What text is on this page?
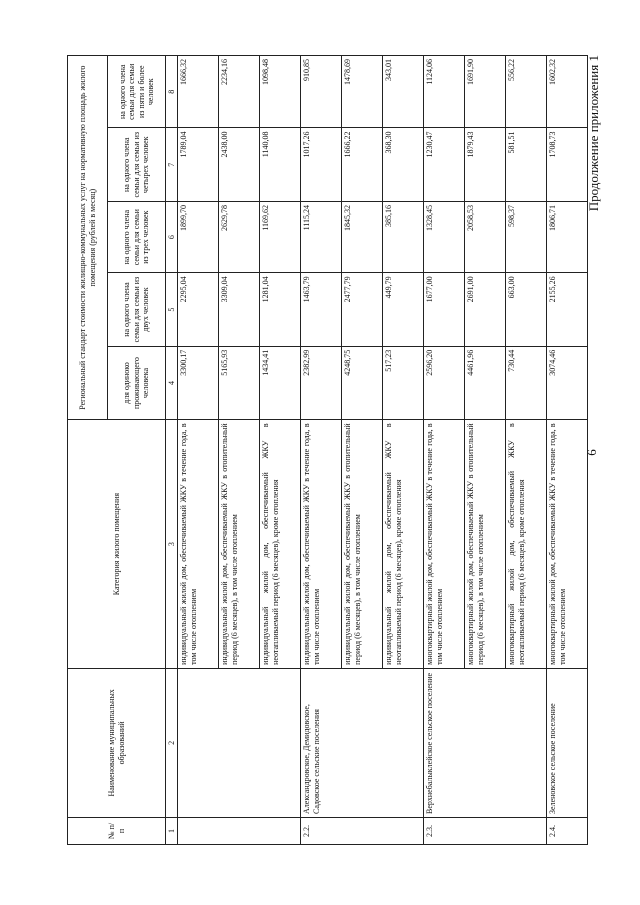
6
Продолжение приложения 1
№ п/п	Наименование муниципальных образований	Категория жилого помещения	Региональный стандарт стоимости жилищно-коммунальных услуг на нормативную площадь жилого помещения (рублей в месяц)				
			для одиноко проживающего человека	на одного члена семьи для семьи из двух человек	на одного члена семьи для семьи из трех человек	на одного члена семьи для семьи из четырех человек	на одного члена семьи для семьи из пяти и более человек
1	2	3	4	5	6	7	8
		индивидуальный жилой дом, обеспечиваемый ЖКУ в течение года, в том числе отоплением	3300,17	2295,04	1899,70	1789,04	1666,32
		индивидуальный жилой дом, обеспечиваемый ЖКУ в отопительный период (6 месяцев), в том числе отоплением	5165,93	3309,04	2629,78	2438,00	2234,16
		индивидуальный жилой дом, обеспечиваемый ЖКУ в неотапливаемый период (6 месяцев), кроме отопления	1434,41	1281,04	1169,62	1140,08	1098,48
2.2.	Александровское, Демидовское, Садовское сельские поселения	индивидуальный жилой дом, обеспечиваемый ЖКУ в течение года, в том числе отоплением	2382,99	1463,79	1115,24	1017,26	910,85
		индивидуальный жилой дом, обеспечиваемый ЖКУ в отопительный период (6 месяцев), в том числе отоплением	4248,75	2477,79	1845,32	1666,22	1478,69
		индивидуальный жилой дом, обеспечиваемый ЖКУ в неотапливаемый период (6 месяцев), кроме отопления	517,23	449,79	385,16	368,30	343,01
2.3.	Верхнебалыклейское сельское поселение	многоквартирный жилой дом, обеспечиваемый ЖКУ в течение года, в том числе отоплением	2596,20	1677,00	1328,45	1230,47	1124,06
		многоквартирный жилой дом, обеспечиваемый ЖКУ в отопительный период (6 месяцев), в том числе отоплением	4461,96	2691,00	2058,53	1879,43	1691,90
		многоквартирный жилой дом, обеспечиваемый ЖКУ в неотапливаемый период (6 месяцев), кроме отопления	730,44	663,00	598,37	581,51	556,22
2.4.	Зеленовское сельское поселение	многоквартирный жилой дом, обеспечиваемый ЖКУ в течение года, в том числе отоплением	3074,46	2155,26	1806,71	1708,73	1602,32
